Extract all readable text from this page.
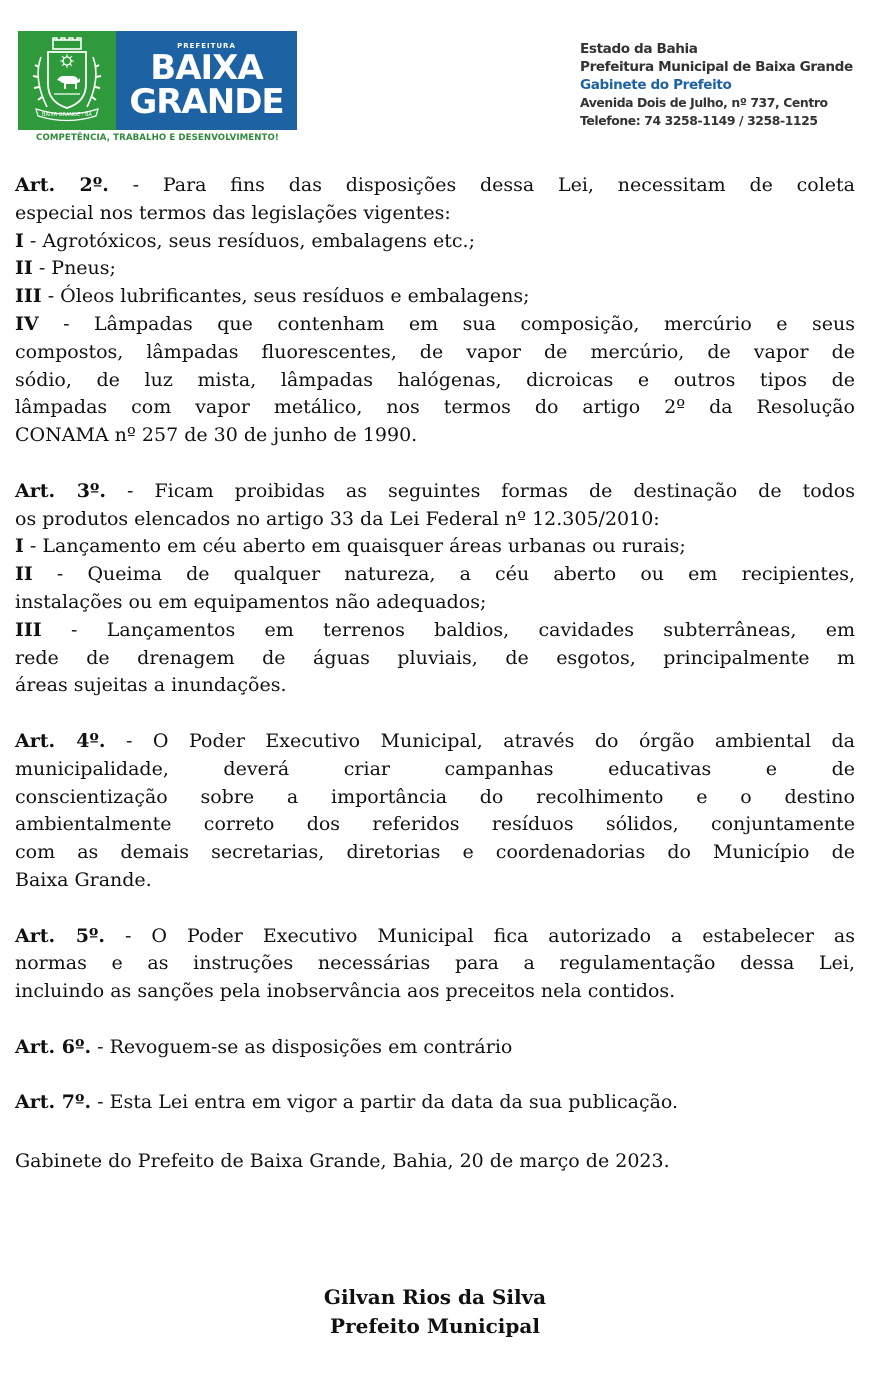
BAIXA GRANDE - BA
PREFEITURA
BAIXA
GRANDE
COMPETÊNCIA, TRABALHO E DESENVOLVIMENTO!
Estado da Bahia
Prefeitura Municipal de Baixa Grande
Gabinete do Prefeito
Avenida Dois de Julho, nº 737, Centro
Telefone: 74 3258-1149 / 3258-1125
Art. 2º. - Para fins das disposições dessa Lei, necessitam de coleta
especial nos termos das legislações vigentes:
I - Agrotóxicos, seus resíduos, embalagens etc.;
II - Pneus;
III - Óleos lubrificantes, seus resíduos e embalagens;
IV - Lâmpadas que contenham em sua composição, mercúrio e seus
compostos, lâmpadas fluorescentes, de vapor de mercúrio, de vapor de
sódio, de luz mista, lâmpadas halógenas, dicroicas e outros tipos de
lâmpadas com vapor metálico, nos termos do artigo 2º da Resolução
CONAMA nº 257 de 30 de junho de 1990.
Art. 3º. - Ficam proibidas as seguintes formas de destinação de todos
os produtos elencados no artigo 33 da Lei Federal nº 12.305/2010:
I - Lançamento em céu aberto em quaisquer áreas urbanas ou rurais;
II - Queima de qualquer natureza, a céu aberto ou em recipientes,
instalações ou em equipamentos não adequados;
III - Lançamentos em terrenos baldios, cavidades subterrâneas, em
rede de drenagem de águas pluviais, de esgotos, principalmente m
áreas sujeitas a inundações.
Art. 4º. - O Poder Executivo Municipal, através do órgão ambiental da
municipalidade, deverá criar campanhas educativas e de
conscientização sobre a importância do recolhimento e o destino
ambientalmente correto dos referidos resíduos sólidos, conjuntamente
com as demais secretarias, diretorias e coordenadorias do Município de
Baixa Grande.
Art. 5º. - O Poder Executivo Municipal fica autorizado a estabelecer as
normas e as instruções necessárias para a regulamentação dessa Lei,
incluindo as sanções pela inobservância aos preceitos nela contidos.
Art. 6º. - Revoguem-se as disposições em contrário
Art. 7º. - Esta Lei entra em vigor a partir da data da sua publicação.
Gabinete do Prefeito de Baixa Grande, Bahia, 20 de março de 2023.
Gilvan Rios da Silva
Prefeito Municipal
